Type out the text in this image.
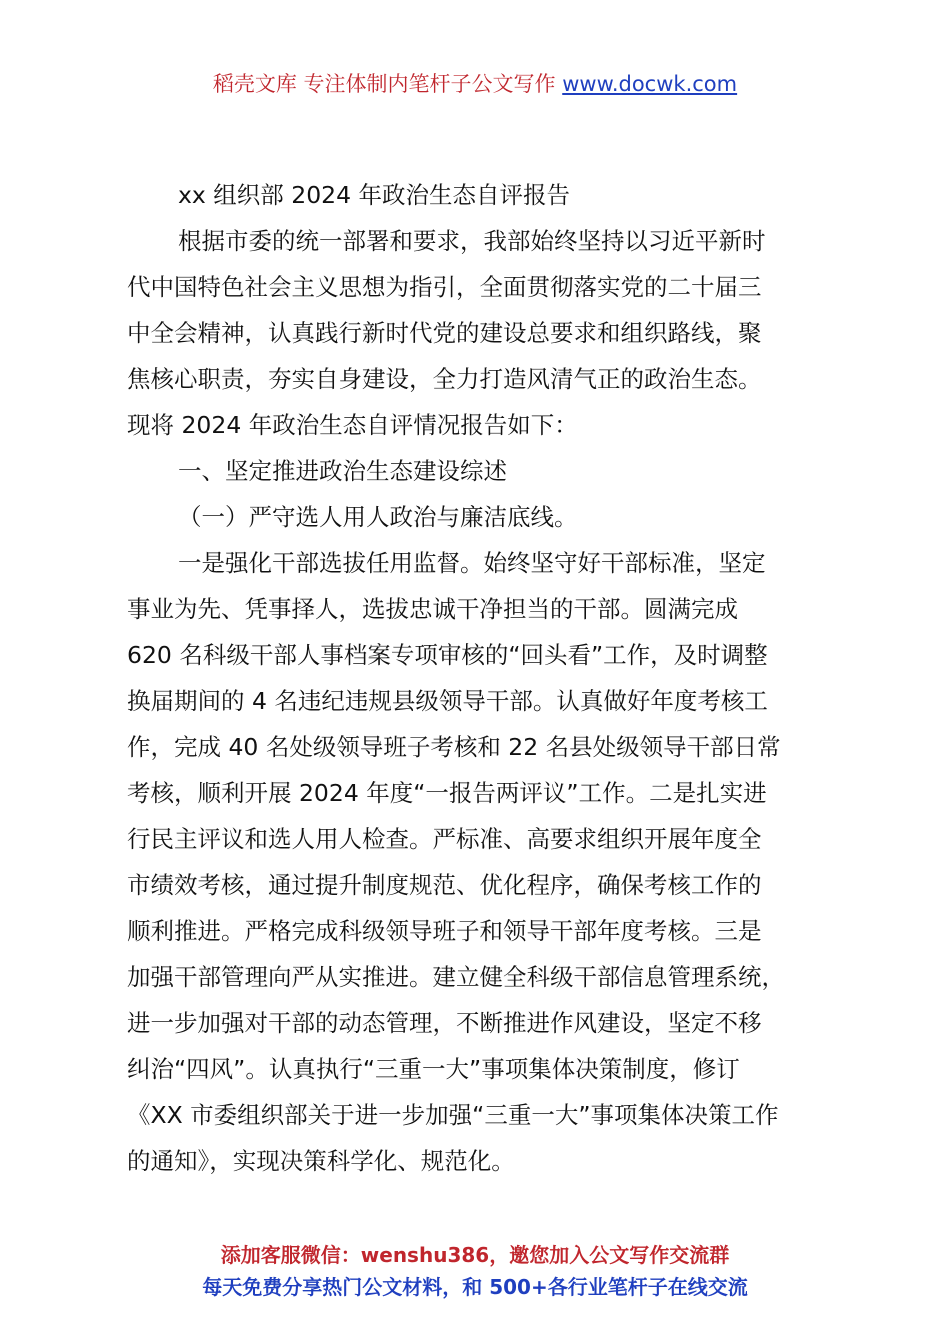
稻壳文库 专注体制内笔杆子公文写作 www.docwk.com
xx 组织部 2024 年政治生态自评报告
根据市委的统一部署和要求，我部始终坚持以习近平新时
代中国特色社会主义思想为指引，全面贯彻落实党的二十届三
中全会精神，认真践行新时代党的建设总要求和组织路线，聚
焦核心职责，夯实自身建设，全力打造风清气正的政治生态。
现将 2024 年政治生态自评情况报告如下：
一、坚定推进政治生态建设综述
（一）严守选人用人政治与廉洁底线。
一是强化干部选拔任用监督。始终坚守好干部标准，坚定
事业为先、凭事择人，选拔忠诚干净担当的干部。圆满完成
620 名科级干部人事档案专项审核的“回头看”工作，及时调整
换届期间的 4 名违纪违规县级领导干部。认真做好年度考核工
作，完成 40 名处级领导班子考核和 22 名县处级领导干部日常
考核，顺利开展 2024 年度“一报告两评议”工作。二是扎实进
行民主评议和选人用人检查。严标准、高要求组织开展年度全
市绩效考核，通过提升制度规范、优化程序，确保考核工作的
顺利推进。严格完成科级领导班子和领导干部年度考核。三是
加强干部管理向严从实推进。建立健全科级干部信息管理系统，
进一步加强对干部的动态管理，不断推进作风建设，坚定不移
纠治“四风”。认真执行“三重一大”事项集体决策制度，修订
《XX 市委组织部关于进一步加强“三重一大”事项集体决策工作
的通知》，实现决策科学化、规范化。
添加客服微信：wenshu386，邀您加入公文写作交流群
每天免费分享热门公文材料，和 500+各行业笔杆子在线交流
